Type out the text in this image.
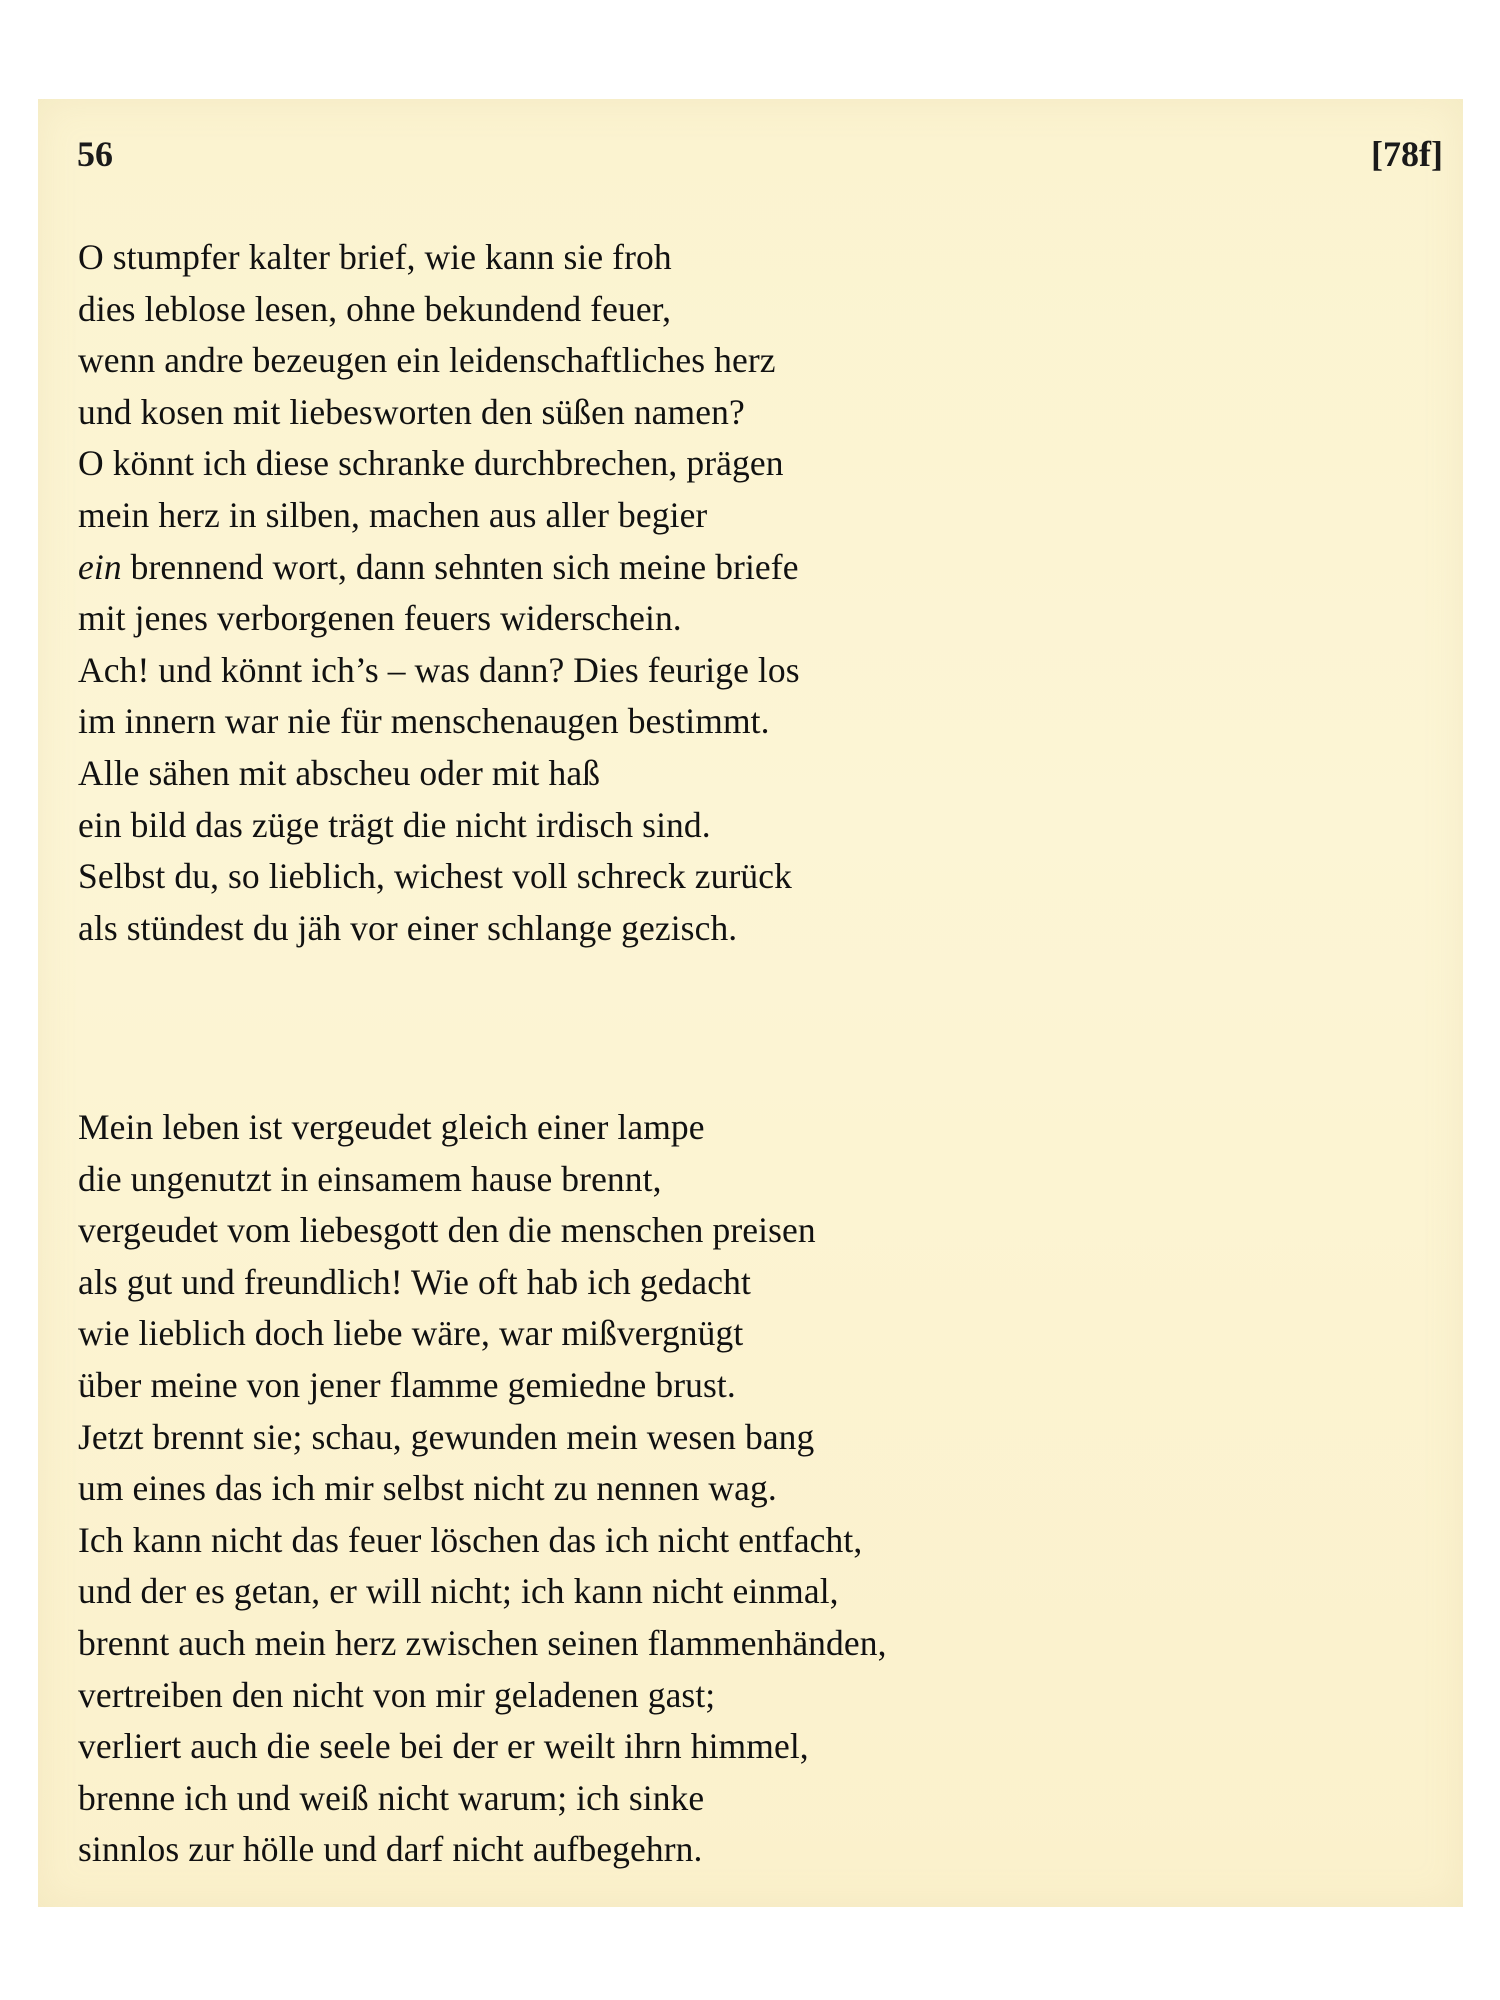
56	[78f]
O stumpfer kalter brief, wie kann sie froh
dies leblose lesen, ohne bekundend feuer,
wenn andre bezeugen ein leidenschaftliches herz
und kosen mit liebesworten den süßen namen?
O könnt ich diese schranke durchbrechen, prägen
mein herz in silben, machen aus aller begier
ein brennend wort, dann sehnten sich meine briefe
mit jenes verborgenen feuers widerschein.
Ach! und könnt ich’s – was dann? Dies feurige los
im innern war nie für menschenaugen bestimmt.
Alle sähen mit abscheu oder mit haß
ein bild das züge trägt die nicht irdisch sind.
Selbst du, so lieblich, wichest voll schreck zurück
als stündest du jäh vor einer schlange gezisch.
Mein leben ist vergeudet gleich einer lampe
die ungenutzt in einsamem hause brennt,
vergeudet vom liebesgott den die menschen preisen
als gut und freundlich! Wie oft hab ich gedacht
wie lieblich doch liebe wäre, war mißvergnügt
über meine von jener flamme gemiedne brust.
Jetzt brennt sie; schau, gewunden mein wesen bang
um eines das ich mir selbst nicht zu nennen wag.
Ich kann nicht das feuer löschen das ich nicht entfacht,
und der es getan, er will nicht; ich kann nicht einmal,
brennt auch mein herz zwischen seinen flammenhänden,
vertreiben den nicht von mir geladenen gast;
verliert auch die seele bei der er weilt ihrn himmel,
brenne ich und weiß nicht warum; ich sinke
sinnlos zur hölle und darf nicht aufbegehrn.
